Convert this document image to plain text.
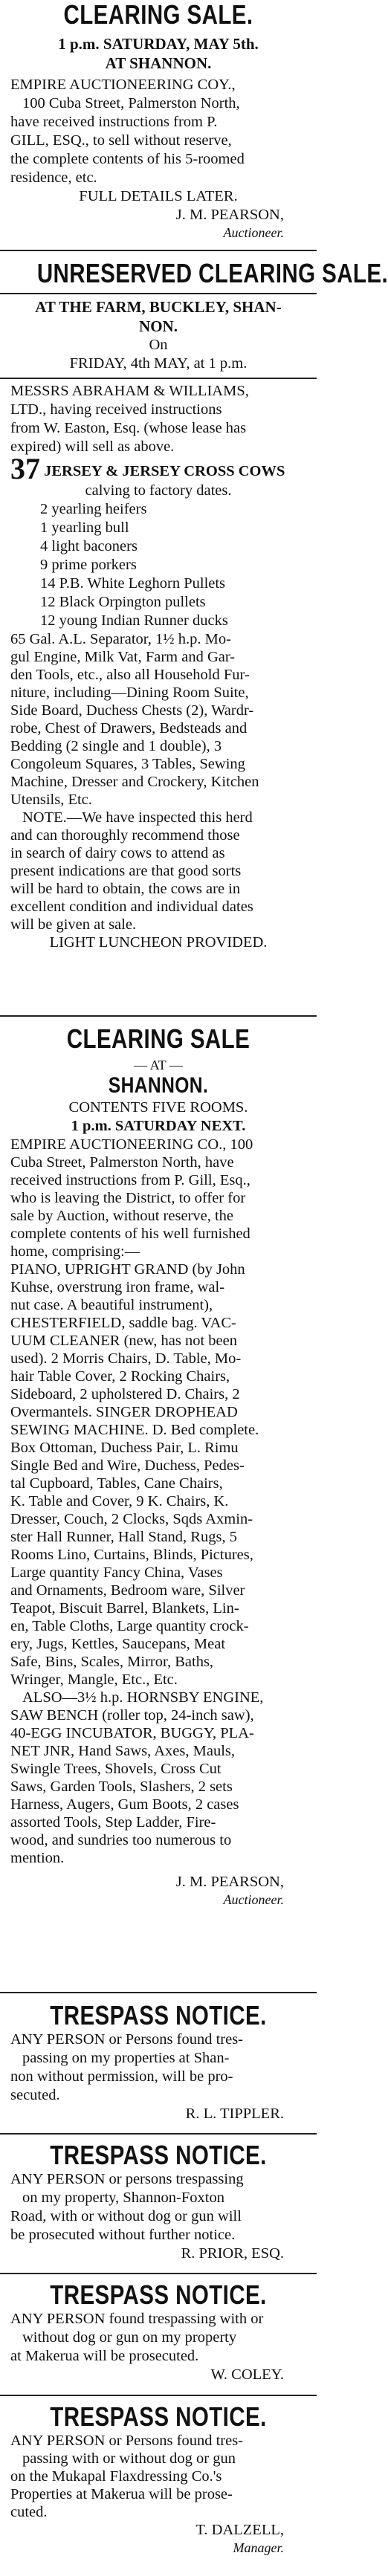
CLEARING SALE.
1 p.m. SATURDAY, MAY 5th.
AT SHANNON.
EMPIRE AUCTIONEERING COY.,
100 Cuba Street, Palmerston North,
have received instructions from P.
GILL, ESQ., to sell without reserve,
the complete contents of his 5-roomed
residence, etc.
FULL DETAILS LATER.
J. M. PEARSON,
Auctioneer.
UNRESERVED CLEARING SALE.
AT THE FARM, BUCKLEY, SHAN-
NON.
On
FRIDAY, 4th MAY, at 1 p.m.
MESSRS ABRAHAM & WILLIAMS,
LTD., having received instructions
from W. Easton, Esq. (whose lease has
expired) will sell as above.
37 JERSEY & JERSEY CROSS COWS
calving to factory dates.
2 yearling heifers
1 yearling bull
4 light baconers
9 prime porkers
14 P.B. White Leghorn Pullets
12 Black Orpington pullets
12 young Indian Runner ducks
65 Gal. A.L. Separator, 1½ h.p. Mo-
gul Engine, Milk Vat, Farm and Gar-
den Tools, etc., also all Household Fur-
niture, including—Dining Room Suite,
Side Board, Duchess Chests (2), Wardr-
robe, Chest of Drawers, Bedsteads and
Bedding (2 single and 1 double), 3
Congoleum Squares, 3 Tables, Sewing
Machine, Dresser and Crockery, Kitchen
Utensils, Etc.
NOTE.—We have inspected this herd
and can thoroughly recommend those
in search of dairy cows to attend as
present indications are that good sorts
will be hard to obtain, the cows are in
excellent condition and individual dates
will be given at sale.
LIGHT LUNCHEON PROVIDED.
CLEARING SALE
— AT —
SHANNON.
CONTENTS FIVE ROOMS.
1 p.m. SATURDAY NEXT.
EMPIRE AUCTIONEERING CO., 100
Cuba Street, Palmerston North, have
received instructions from P. Gill, Esq.,
who is leaving the District, to offer for
sale by Auction, without reserve, the
complete contents of his well furnished
home, comprising:—
PIANO, UPRIGHT GRAND (by John
Kuhse, overstrung iron frame, wal-
nut case. A beautiful instrument),
CHESTERFIELD, saddle bag. VAC-
UUM CLEANER (new, has not been
used). 2 Morris Chairs, D. Table, Mo-
hair Table Cover, 2 Rocking Chairs,
Sideboard, 2 upholstered D. Chairs, 2
Overmantels. SINGER DROPHEAD
SEWING MACHINE. D. Bed complete.
Box Ottoman, Duchess Pair, L. Rimu
Single Bed and Wire, Duchess, Pedes-
tal Cupboard, Tables, Cane Chairs,
K. Table and Cover, 9 K. Chairs, K.
Dresser, Couch, 2 Clocks, Sqds Axmin-
ster Hall Runner, Hall Stand, Rugs, 5
Rooms Lino, Curtains, Blinds, Pictures,
Large quantity Fancy China, Vases
and Ornaments, Bedroom ware, Silver
Teapot, Biscuit Barrel, Blankets, Lin-
en, Table Cloths, Large quantity crock-
ery, Jugs, Kettles, Saucepans, Meat
Safe, Bins, Scales, Mirror, Baths,
Wringer, Mangle, Etc., Etc.
ALSO—3½ h.p. HORNSBY ENGINE,
SAW BENCH (roller top, 24-inch saw),
40-EGG INCUBATOR, BUGGY, PLA-
NET JNR, Hand Saws, Axes, Mauls,
Swingle Trees, Shovels, Cross Cut
Saws, Garden Tools, Slashers, 2 sets
Harness, Augers, Gum Boots, 2 cases
assorted Tools, Step Ladder, Fire-
wood, and sundries too numerous to
mention.
J. M. PEARSON,
Auctioneer.
TRESPASS NOTICE.
ANY PERSON or Persons found tres-
passing on my properties at Shan-
non without permission, will be pro-
secuted.
R. L. TIPPLER.
TRESPASS NOTICE.
ANY PERSON or persons trespassing
on my property, Shannon-Foxton
Road, with or without dog or gun will
be prosecuted without further notice.
R. PRIOR, ESQ.
TRESPASS NOTICE.
ANY PERSON found trespassing with or
without dog or gun on my property
at Makerua will be prosecuted.
W. COLEY.
TRESPASS NOTICE.
ANY PERSON or Persons found tres-
passing with or without dog or gun
on the Mukapal Flaxdressing Co.'s
Properties at Makerua will be prose-
cuted.
T. DALZELL,
Manager.
